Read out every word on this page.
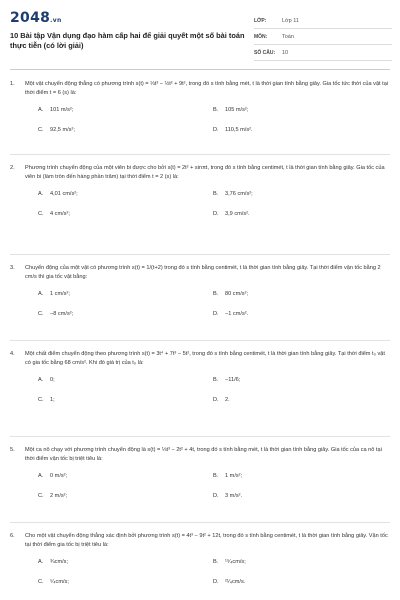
2048.vn
10 Bài tập Vận dụng đạo hàm cấp hai để giải quyết một số bài toán thực tiễn (có lời giải)
LỚP:	Lớp 11
MÔN:	Toán
SỐ CÂU:	10
1. Một vật chuyển động thẳng có phương trình s(t) = ⅓t³ − ½t² + 9t², trong đó s tính bằng mét, t là thời gian tính bằng giây. Gia tốc tức thời của vật tại thời điểm t = 6 (s) là:
A. 101 m/s²;	B. 105 m/s²;
C. 92,5 m/s²;	D. 110,5 m/s².
2. Phương trình chuyển động của một viên bi được cho bởi s(t) = 2t² + sinπt, trong đó s tính bằng centimét, t là thời gian tính bằng giây. Gia tốc của viên bi (làm tròn đến hàng phần trăm) tại thời điểm t = 2 (s) là:
A. 4,01 cm/s²;	B. 3,76 cm/s²;
C. 4 cm/s²;	D. 3,9 cm/s².
3. Chuyển động của một vật có phương trình s(t) = 1/(t+2) trong đó s tính bằng centimét, t là thời gian tính bằng giây. Tại thời điểm vận tốc bằng 2 cm/s thì gia tốc vật bằng:
A. 1 cm/s²;	B. 80 cm/s²;
C. −8 cm/s²;	D. −1 cm/s².
4. Một chất điểm chuyển động theo phương trình s(t) = 3t⁴ + 7t³ − 5t², trong đó s tính bằng centimét, t là thời gian tính bằng giây. Tại thời điểm t₀ vật có gia tốc bằng 68 cm/s². Khi đó giá trị của t₀ là:
A. 0;	B. −11/6;
C. 1;	D. 2.
5. Một ca nô chạy với phương trình chuyển động là s(t) = ⅓t³ − 2t² + 4t, trong đó s tính bằng mét, t là thời gian tính bằng giây. Gia tốc của ca nô tại thời điểm vận tốc bị triệt tiêu là:
A. 0 m/s²;	B. 1 m/s²;
C. 2 m/s²;	D. 3 m/s².
6. Cho một vật chuyển động thẳng xác định bởi phương trình s(t) = 4t³ − 9t² + 12t, trong đó s tính bằng centimét, t là thời gian tính bằng giây. Vận tốc tại thời điểm gia tốc bị triệt tiêu là:
A. ¾cm/s;	B. ¹⁵⁄₄cm/s;
C. ⁵⁄₄cm/s;	D. ²¹⁄₄cm/s.
